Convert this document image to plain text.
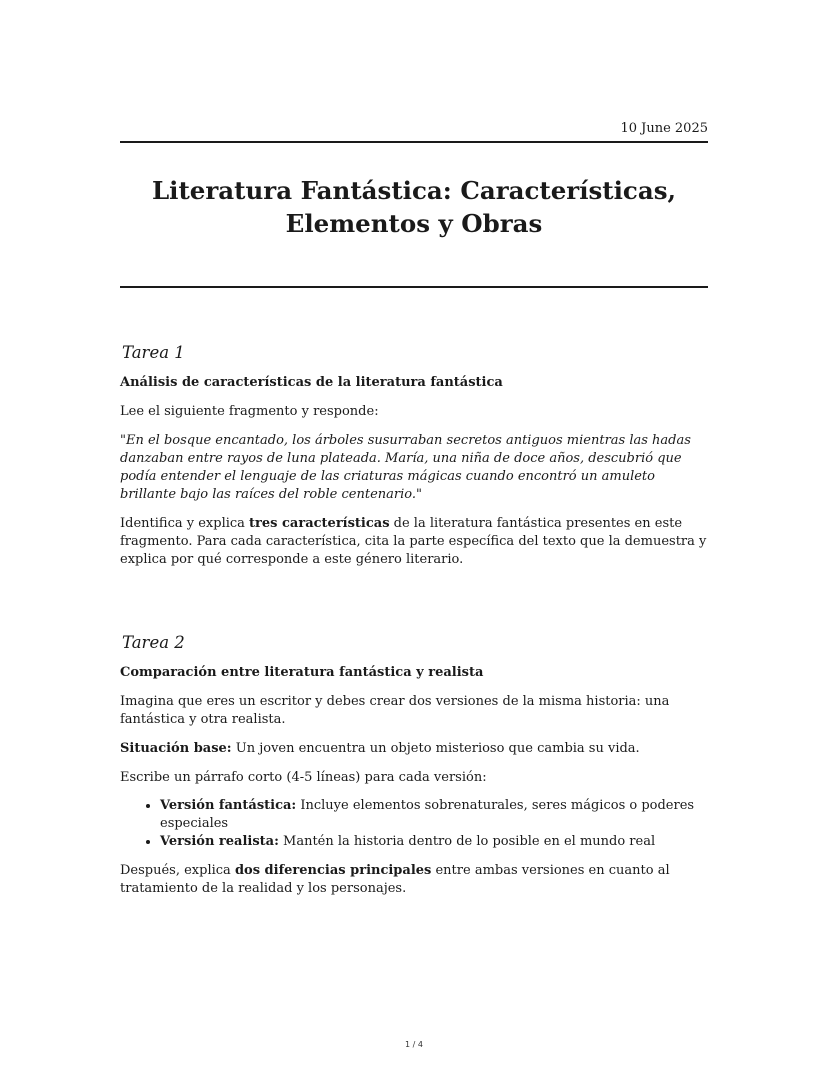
10 June 2025
Literatura Fantástica: Características,
Elementos y Obras
Tarea 1
Análisis de características de la literatura fantástica

Lee el siguiente fragmento y responde:

"En el bosque encantado, los árboles susurraban secretos antiguos mientras las hadas danzaban entre rayos de luna plateada. María, una niña de doce años, descubrió que podía entender el lenguaje de las criaturas mágicas cuando encontró un amuleto brillante bajo las raíces del roble centenario."

Identifica y explica tres características de la literatura fantástica presentes en este fragmento. Para cada característica, cita la parte específica del texto que la demuestra y explica por qué corresponde a este género literario.

Tarea 2
Comparación entre literatura fantástica y realista

Imagina que eres un escritor y debes crear dos versiones de la misma historia: una fantástica y otra realista.

Situación base: Un joven encuentra un objeto misterioso que cambia su vida.

Escribe un párrafo corto (4-5 líneas) para cada versión:

• Versión fantástica: Incluye elementos sobrenaturales, seres mágicos o poderes especiales
• Versión realista: Mantén la historia dentro de lo posible en el mundo real

Después, explica dos diferencias principales entre ambas versiones en cuanto al tratamiento de la realidad y los personajes.

1 / 4
